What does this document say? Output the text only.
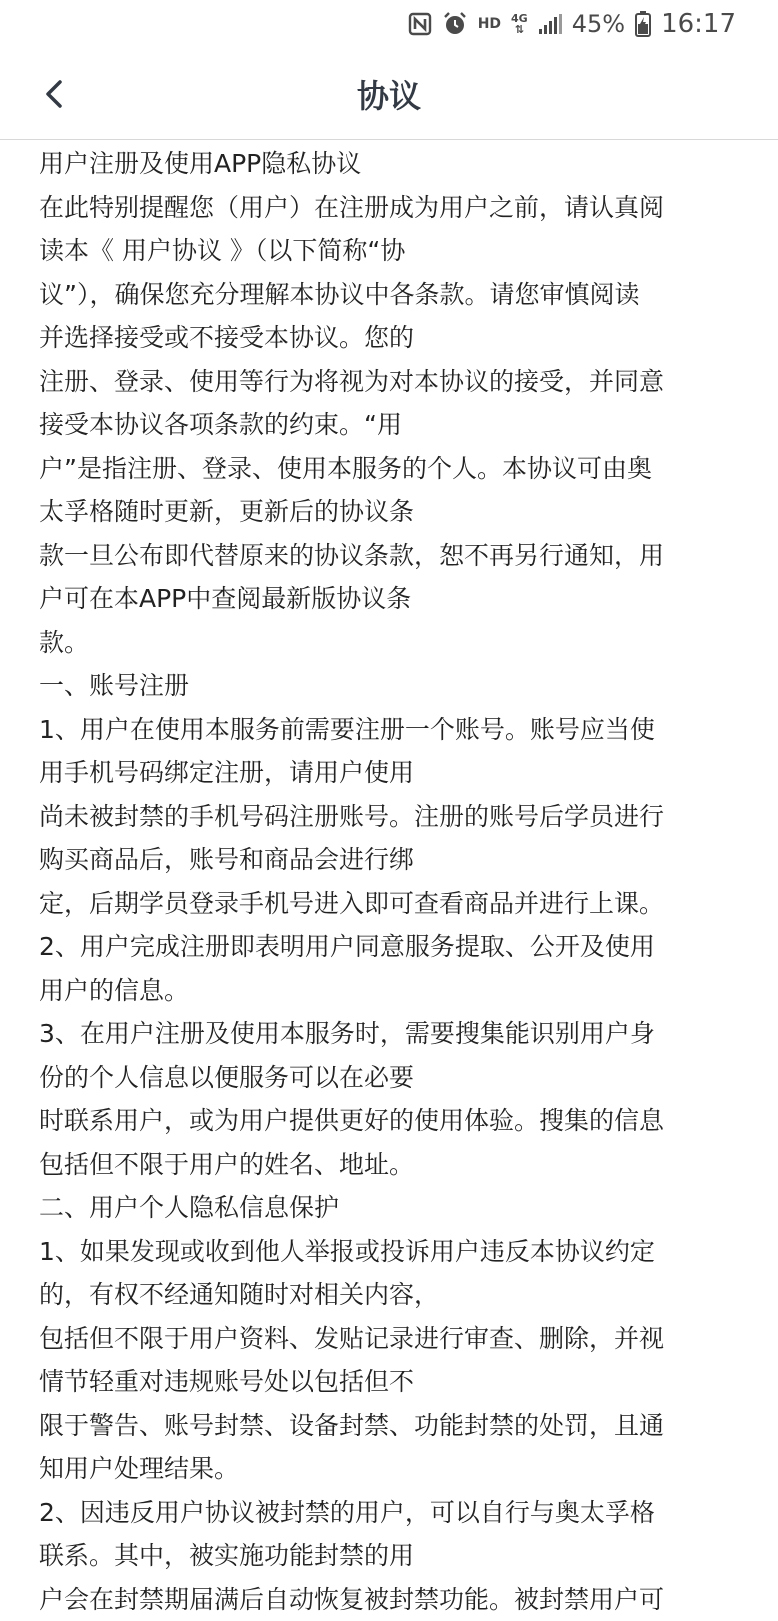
HD 4G
⇅ 45% 16:17
协议
用户注册及使用APP隐私协议
在此特别提醒您（用户）在注册成为用户之前，请认真阅
读本《 用户协议 》（以下简称“协
议”），确保您充分理解本协议中各条款。请您审慎阅读
并选择接受或不接受本协议。您的
注册、登录、使用等行为将视为对本协议的接受，并同意
接受本协议各项条款的约束。“用
户”是指注册、登录、使用本服务的个人。本协议可由奥
太孚格随时更新，更新后的协议条
款一旦公布即代替原来的协议条款，恕不再另行通知，用
户可在本APP中查阅最新版协议条
款。
一、账号注册
1、用户在使用本服务前需要注册一个账号。账号应当使
用手机号码绑定注册，请用户使用
尚未被封禁的手机号码注册账号。注册的账号后学员进行
购买商品后，账号和商品会进行绑
定，后期学员登录手机号进入即可查看商品并进行上课。
2、用户完成注册即表明用户同意服务提取、公开及使用
用户的信息。
3、在用户注册及使用本服务时，需要搜集能识别用户身
份的个人信息以便服务可以在必要
时联系用户，或为用户提供更好的使用体验。搜集的信息
包括但不限于用户的姓名、地址。
二、用户个人隐私信息保护
1、如果发现或收到他人举报或投诉用户违反本协议约定
的，有权不经通知随时对相关内容，
包括但不限于用户资料、发贴记录进行审查、删除，并视
情节轻重对违规账号处以包括但不
限于警告、账号封禁、设备封禁、功能封禁的处罚，且通
知用户处理结果。
2、因违反用户协议被封禁的用户，可以自行与奥太孚格
联系。其中，被实施功能封禁的用
户会在封禁期届满后自动恢复被封禁功能。被封禁用户可
